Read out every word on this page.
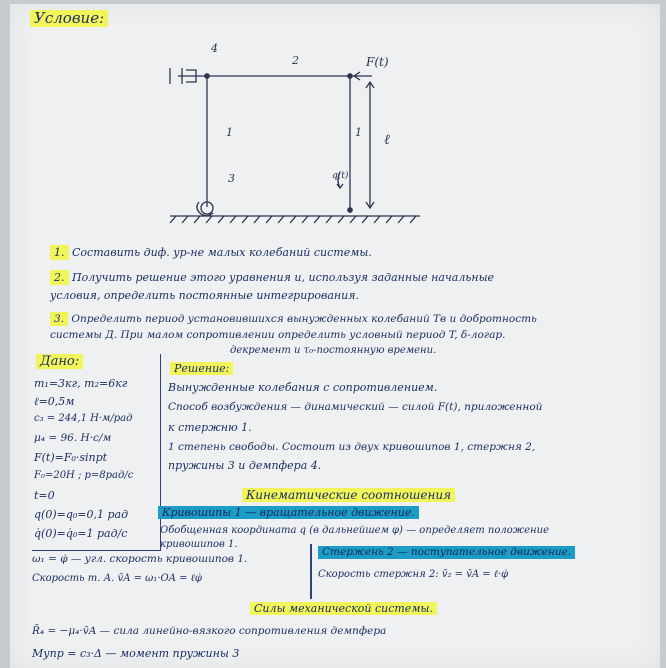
Условие:
4
2	F(t)
1	1
3
ℓ
q(t)
1. Составить диф. ур-не малых колебаний системы.
2. Получить решение этого уравнения и, используя заданные начальные
условия, определить постоянные интегрирования.
3. Определить период установившихся вынужденных колебаний Tв и добротность
системы Д. При малом сопротивлении определить условный период T, δ-логар.
декремент и τ₀-постоянную времени.
Дано:
m₁=3кг, m₂=6кг
ℓ=0,5м
c₃ = 244,1 Н·м/рад
μ₄ = 96. Н·с/м
F(t)=F₀·sinpt
F₀=20Н ; p=8рад/с
t=0
q(0)=q₀=0,1 рад
q̇(0)=q̇₀=1 рад/с
Решение:
Вынужденные колебания с сопротивлением.
Способ возбуждения — динамический — силой F(t), приложенной
к стержню 1.
1 степень свободы. Состоит из двух кривошипов 1, стержня 2,
пружины 3 и демпфера 4.
Кинематические соотношения
Кривошипы 1 — вращательное движение.
Обобщенная координата q (в дальнейшем φ) — определяет положение
кривошипов 1.
ω₁ = φ̇ — угл. скорость кривошипов 1.
Скорость т. А. v̄A = ω₁·OA = ℓφ̇
Стержень 2 — поступательное движение.
Скорость стержня 2: v̄₂ = v̄A = ℓ·φ̇
Силы механической системы.
R̄₄ = −μ₄·v̄A — сила линейно-вязкого сопротивления демпфера
Mупр = c₃·Δ — момент пружины 3
